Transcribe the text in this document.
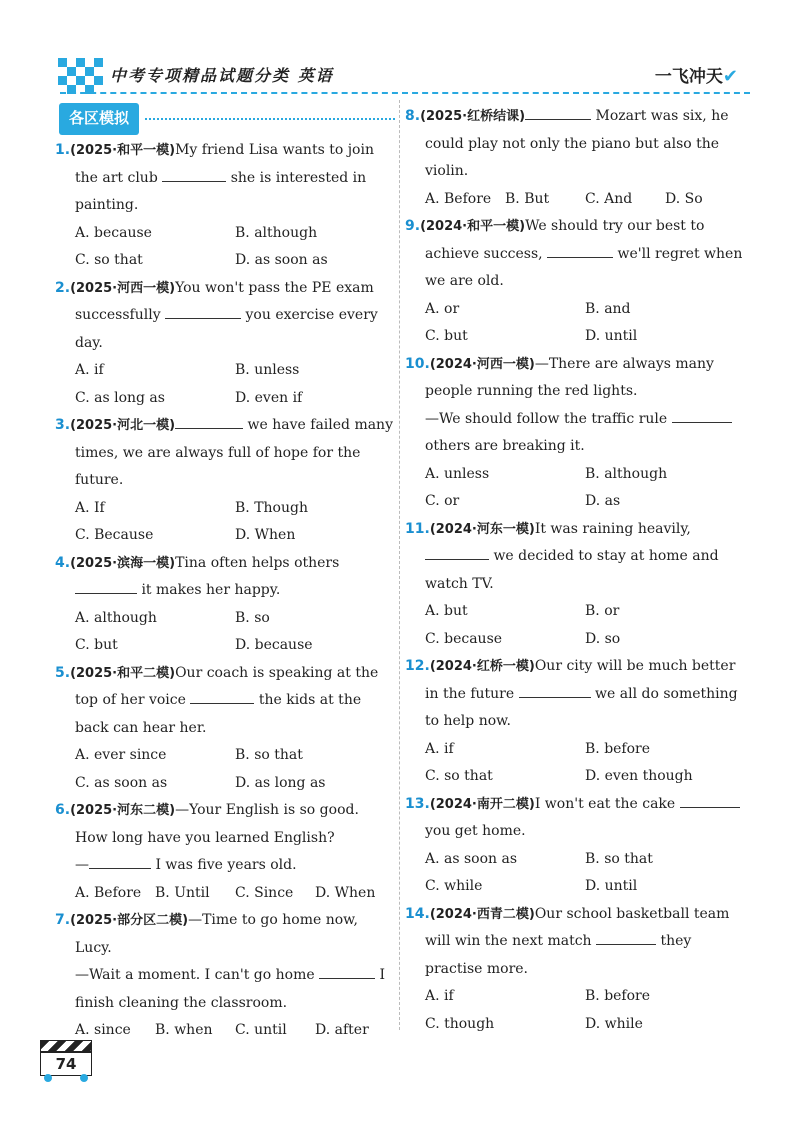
中考专项精品试题分类 英语	一飞冲天✔
各区模拟

1.(2025·和平一模)My friend Lisa wants to join the art club	she is interested in painting.

A. because	B. although
C. so that	D. as soon as

2.(2025·河西一模)You won't pass the PE exam successfully	you exercise every day.

A. if	B. unless
C. as long as	D. even if

3.(2025·河北一模)	we have failed many times, we are always full of hope for the future.

A. If	B. Though
C. Because	D. When

4.(2025·滨海一模)Tina often helps others  it makes her happy.

A. although	B. so
C. but	D. because

5.(2025·和平二模)Our coach is speaking at the top of her voice	the kids at the back can hear her.

A. ever since	B. so that
C. as soon as	D. as long as

6.(2025·河东二模)—Your English is so good. How long have you learned English?

—	I was five years old.

A. Before B. Until	C. Since	D. When

7.(2025·部分区二模)—Time to go home now, Lucy.

—Wait a moment. I can't go home	I finish cleaning the classroom.

A. since	B. when	C. until	D. after

8.(2025·红桥结课)	Mozart was six, he could play not only the piano but also the violin.

A. Before B. But	C. And	D. So

9.(2024·和平一模)We should try our best to achieve success,	we'll regret when we are old.

A. or	B. and
C. but	D. until

10.(2024·河西一模)—There are always many people running the red lights.

—We should follow the traffic rule  others are breaking it.

A. unless	B. although
C. or	D. as

11.(2024·河东一模)It was raining heavily,  we decided to stay at home and watch TV.

A. but	B. or
C. because	D. so

12.(2024·红桥一模)Our city will be much better in the future	we all do something to help now.

A. if	B. before
C. so that	D. even though

13.(2024·南开二模)I won't eat the cake  you get home.

A. as soon as	B. so that
C. while	D. until

14.(2024·西青二模)Our school basketball team will win the next match	they practise more.

A. if	B. before
C. though	D. while
74
